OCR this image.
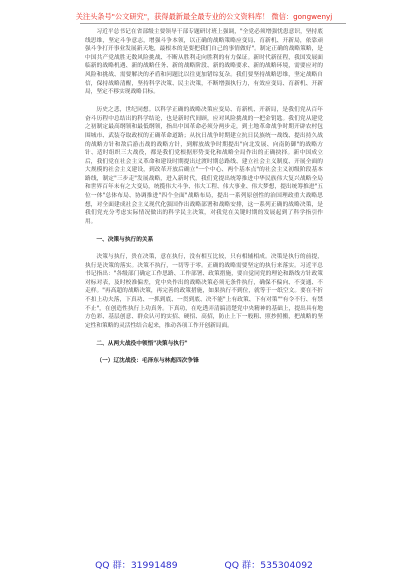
关注头条号"公文研究"，获得最新最全最专业的公文资料库！ 微信：gongwenyj

习近平总书记在省部级主要领导干部专题研讨班上强调，"全党必须增强忧患意识，坚持底线思维，坚定斗争意志，增强斗争本领，以正确的战略策略应变局、育新机、开新局，依靠顽强斗争打开事业发展新天地，最根本的是要把我们自己的事情做好"。制定正确的战略策略，是中国共产党战胜无数风险挑战、不断从胜利走向胜利的有力保证。新时代新征程，我国发展面临新的战略机遇、新的战略任务、新的战略阶段、新的战略要求、新的战略环境，需要应对的风险和挑战、需要解决的矛盾和问题比以往更加错综复杂。我们要坚持战略思维，坚定战略自信，保持战略清醒，坚持科学决策、民主决策，不断增强执行力，有效应变局、育新机、开新局，坚定不移实现战略目标。

历史之悲，世纪同想。以科学正确的战略决策应变局、育新机、开新局，是我们党从百年奋斗历程中总结出的科学结论，也是新时代间顾，应对风险挑战的一把金钥匙。我们党从建党之初制定最高纲领和最低纲领，指出中国革命必须分两步走，到土地革命战争时期开辟农村包围城市、武装夺取政权的正确革命道路；从抗日战争时期建立抗日民族统一战线、提出持久战的战略方针和敌后游击战的战略方针，到解放战争时期提出"向北发展、向南防御"的战略方针、适时组织三大战役，都是我们党根据形势变化和战略全局作出的正确抉择。新中国成立后，我们党在社会主义革命和建设时期提出过渡时期总路线、建立社会主义制度、开展全面的大规模的社会主义建设，到改革开放后确立"一个中心、两个基本点"的社会主义初级阶段基本路线，制定"三步走"发展战略，进入新时代，我们党提出统筹推进中华民族伟大复兴战略全局和世界百年未有之大变局，统揽伟大斗争、伟大工程、伟大事业、伟大梦想，提出统筹推进"五位一体"总体布局、协调推进"四个全面"战略布局，提出一系列原创性的治国理政重大战略思想，对全面建成社会主义现代化强国作出战略部署和战略安排，这一系列正确的战略决策，是我们党充分考虑实际情况做出的科学民主决策，对我党在关键时期的发展起到了科学指引作用。

一、决策与执行的关系

决策与执行，贵在决策，意在执行，没有相互比较，只有相辅相成。决策是执行的前提，执行是决策的落实。决策不执行，一切等于零。正确的战略需要坚定的执行来落实。习近平总书记指出："各级部门确定工作思路、工作部署、政策措施，要自觉同党的理论和路线方针政策对标对表，及时校准偏差，党中央作出的战略决策必须无条件执行，确保不偏向、不变通、不走样。"再高超的战略决策，再完善的政策措施，如果执行不到位，就等于一纸空文。要在不折不扣上功夫落，下真功、一抓到底、一贯到底、决不能"上有政策、下有对策""有令不行、有禁不止"，在创造性执行上功真务。下真功，在吃透弄清搞清楚党中央精神的基础上，提出具有地方色彩、基层创意、群众认可的实招、硬招、高招，防止上下一般粗、照抄照搬，把战略的坚定性和策略的灵活性结合起来，推动各项工作开创新局面。

二、从两大战役中领悟"决策与执行"

（一）辽沈战役：毛泽东与林彪四次争锋

QQ 群：31991489	QQ 群：535304092
